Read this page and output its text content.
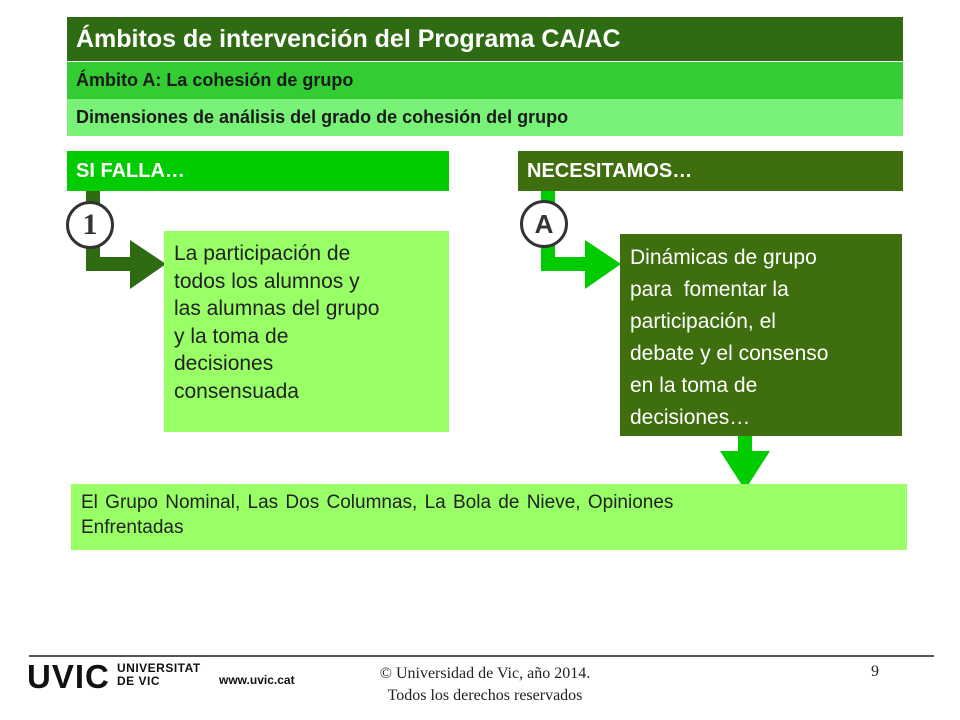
Ámbitos de intervención del Programa CA/AC
Ámbito A: La cohesión de grupo
Dimensiones de análisis del grado de cohesión del grupo
SI FALLA…	NECESITAMOS…
1	A
La participación de
todos los alumnos y
las alumnas del grupo
y la toma de
decisiones
consensuada
Dinámicas de grupo
para  fomentar la
participación, el
debate y el consenso
en la toma de
decisiones…
El Grupo Nominal, Las Dos Columnas, La Bola de Nieve, Opiniones
Enfrentadas
UVIC UNIVERSITAT
DE VIC	www.uvic.cat	© Universidad de Vic, año 2014.
Todos los derechos reservados
9
